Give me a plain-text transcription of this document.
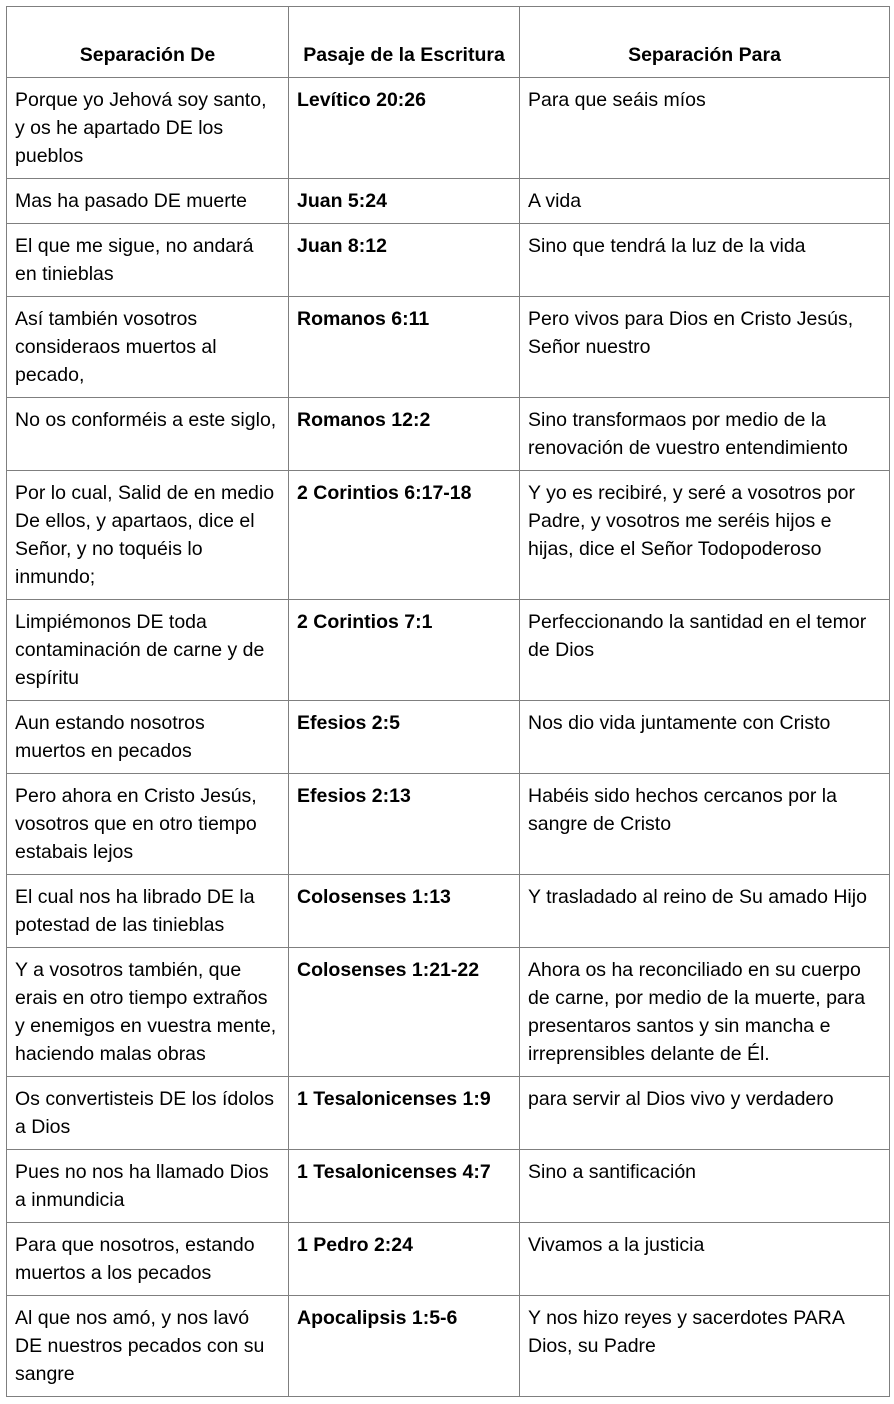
Separación De	Pasaje de la Escritura	Separación Para
Porque yo Jehová soy santo, y os he apartado DE los pueblos	Levítico 20:26	Para que seáis míos
Mas ha pasado DE muerte	Juan 5:24	A vida
El que me sigue, no andará en tinieblas	Juan 8:12	Sino que tendrá la luz de la vida
Así también vosotros consideraos muertos al pecado,	Romanos 6:11	Pero vivos para Dios en Cristo Jesús, Señor nuestro
No os conforméis a este siglo,	Romanos 12:2	Sino transformaos por medio de la renovación de vuestro entendimiento
Por lo cual, Salid de en medio De ellos, y apartaos, dice el Señor, y no toquéis lo inmundo;	2 Corintios 6:17-18	Y yo es recibiré, y seré a vosotros por Padre, y vosotros me seréis hijos e hijas, dice el Señor Todopoderoso
Limpiémonos DE toda contaminación de carne y de espíritu	2 Corintios 7:1	Perfeccionando la santidad en el temor de Dios
Aun estando nosotros muertos en pecados	Efesios 2:5	Nos dio vida juntamente con Cristo
Pero ahora en Cristo Jesús, vosotros que en otro tiempo estabais lejos	Efesios 2:13	Habéis sido hechos cercanos por la sangre de Cristo
El cual nos ha librado DE la potestad de las tinieblas	Colosenses 1:13	Y trasladado al reino de Su amado Hijo
Y a vosotros también, que erais en otro tiempo extraños y enemigos en vuestra mente, haciendo malas obras	Colosenses 1:21-22	Ahora os ha reconciliado en su cuerpo de carne, por medio de la muerte, para presentaros santos y sin mancha e irreprensibles delante de Él.
Os convertisteis DE los ídolos a Dios	1 Tesalonicenses 1:9	para servir al Dios vivo y verdadero
Pues no nos ha llamado Dios a inmundicia	1 Tesalonicenses 4:7	Sino a santificación
Para que nosotros, estando muertos a los pecados	1 Pedro 2:24	Vivamos a la justicia
Al que nos amó, y nos lavó DE nuestros pecados con su sangre	Apocalipsis 1:5-6	Y nos hizo reyes y sacerdotes PARA Dios, su Padre
